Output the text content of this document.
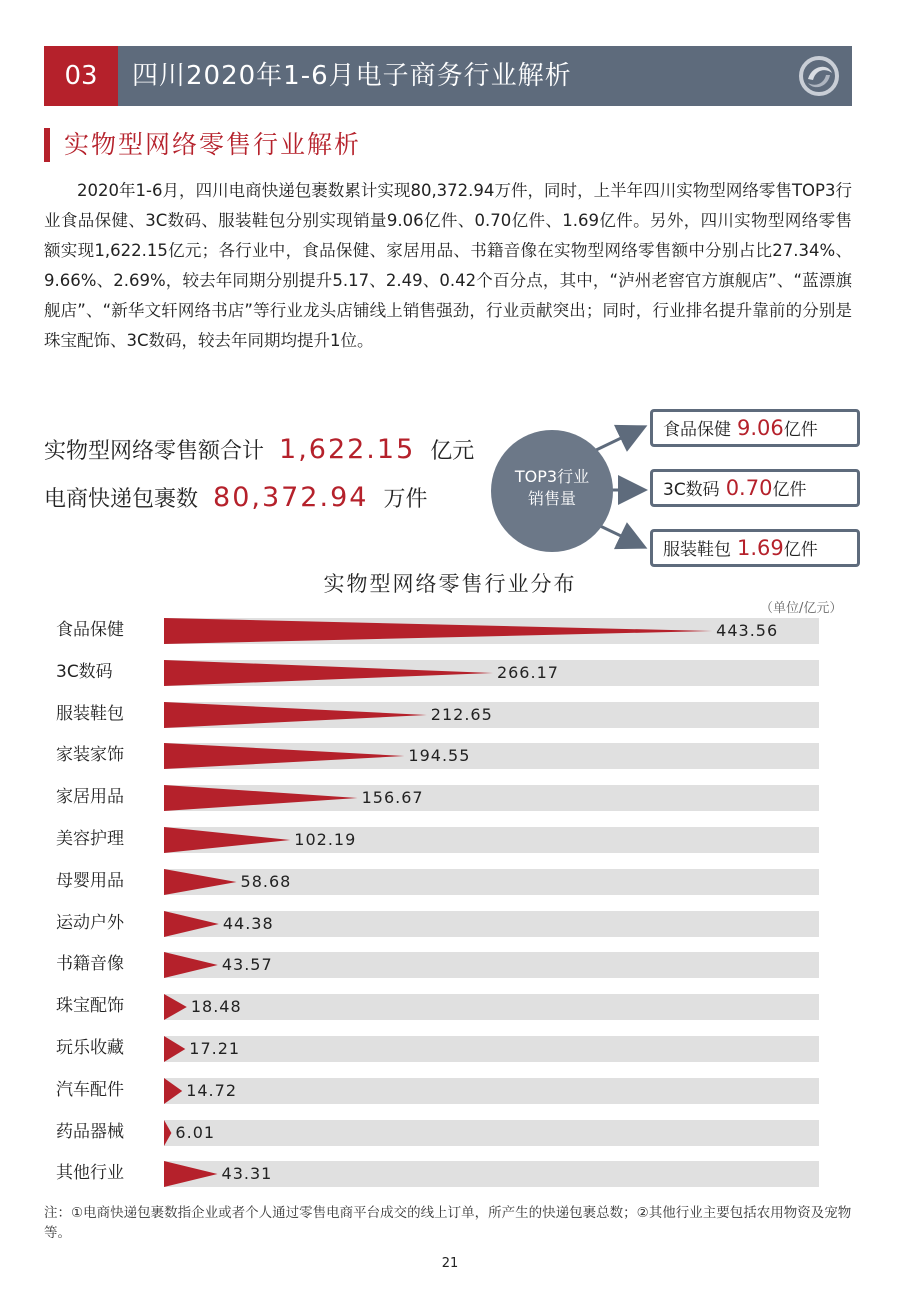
03	四川2020年1-6月电子商务行业解析
实物型网络零售行业解析
2020年1-6月，四川电商快递包裹数累计实现80,372.94万件，同时，上半年四川实物型网络零售TOP3行业食品保健、3C数码、服装鞋包分别实现销量9.06亿件、0.70亿件、1.69亿件。另外，四川实物型网络零售额实现1,622.15亿元；各行业中，食品保健、家居用品、书籍音像在实物型网络零售额中分别占比27.34%、9.66%、2.69%，较去年同期分别提升5.17、2.49、0.42个百分点，其中，“泸州老窖官方旗舰店”、“蓝漂旗舰店”、“新华文轩网络书店”等行业龙头店铺线上销售强劲，行业贡献突出；同时，行业排名提升靠前的分别是珠宝配饰、3C数码，较去年同期均提升1位。
实物型网络零售额合计 1,622.15 亿元
电商快递包裹数 80,372.94 万件
TOP3行业
销售量
食品保健 9.06亿件
3C数码 0.70亿件
服装鞋包 1.69亿件
实物型网络零售行业分布
（单位/亿元）
食品保健	443.56
3C数码	266.17
服装鞋包	212.65
家装家饰	194.55
家居用品	156.67
美容护理	102.19
母婴用品	58.68
运动户外	44.38
书籍音像	43.57
珠宝配饰	18.48
玩乐收藏	17.21
汽车配件	14.72
药品器械	6.01
其他行业	43.31
注：①电商快递包裹数指企业或者个人通过零售电商平台成交的线上订单，所产生的快递包裹总数；②其他行业主要包括农用物资及宠物等。
21
